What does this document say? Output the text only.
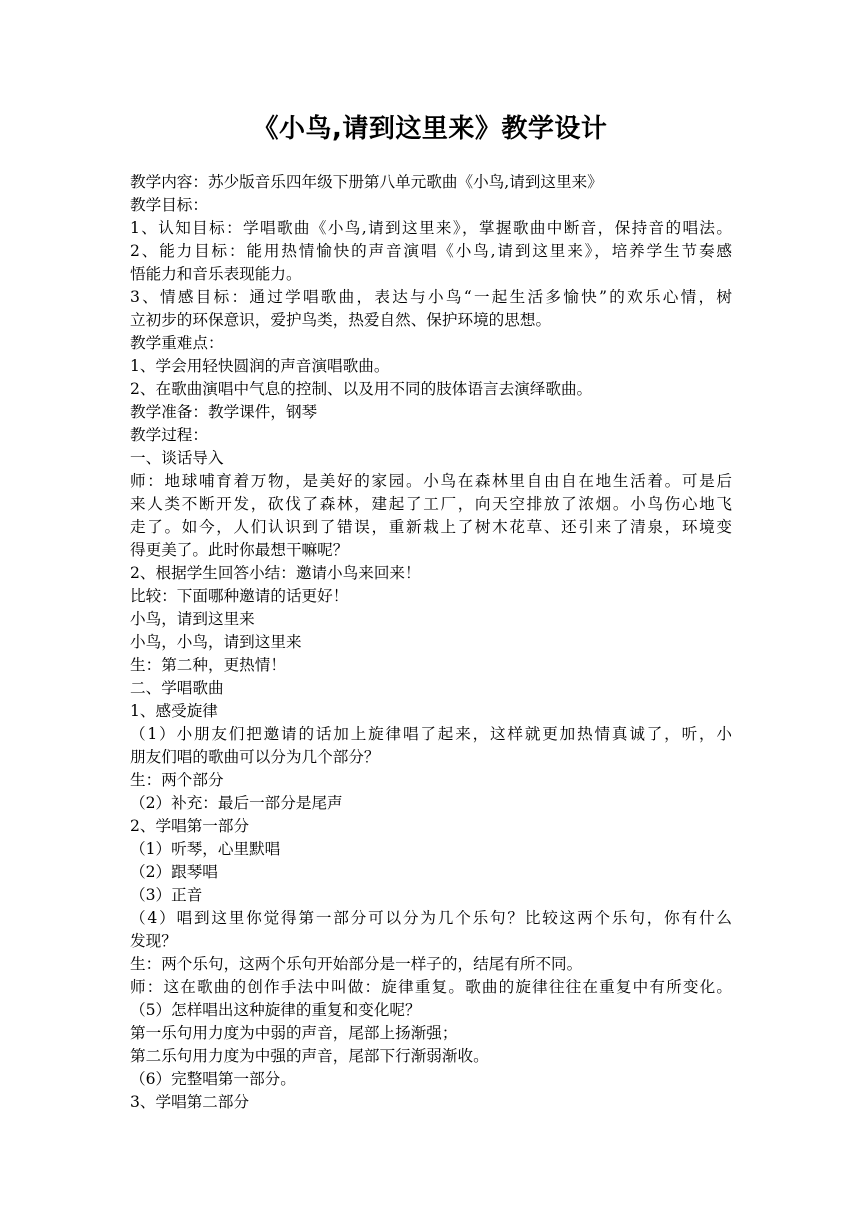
《小鸟,请到这里来》教学设计
教学内容：苏少版音乐四年级下册第八单元歌曲《小鸟,请到这里来》
教学目标：
1、认知目标：学唱歌曲《小鸟,请到这里来》，掌握歌曲中断音，保持音的唱法。
2、能力目标：能用热情愉快的声音演唱《小鸟,请到这里来》，培养学生节奏感
悟能力和音乐表现能力。
3、情感目标：通过学唱歌曲，表达与小鸟“一起生活多愉快”的欢乐心情，树
立初步的环保意识，爱护鸟类，热爱自然、保护环境的思想。
教学重难点：
1、学会用轻快圆润的声音演唱歌曲。
2、在歌曲演唱中气息的控制、以及用不同的肢体语言去演绎歌曲。
教学准备：教学课件，钢琴
教学过程：
一、谈话导入
师：地球哺育着万物，是美好的家园。小鸟在森林里自由自在地生活着。可是后
来人类不断开发，砍伐了森林，建起了工厂，向天空排放了浓烟。小鸟伤心地飞
走了。如今，人们认识到了错误，重新栽上了树木花草、还引来了清泉，环境变
得更美了。此时你最想干嘛呢？
2、根据学生回答小结：邀请小鸟来回来！
比较：下面哪种邀请的话更好！
小鸟，请到这里来
小鸟，小鸟，请到这里来
生：第二种，更热情！
二、学唱歌曲
1、感受旋律
（1）小朋友们把邀请的话加上旋律唱了起来，这样就更加热情真诚了，听，小
朋友们唱的歌曲可以分为几个部分？
生：两个部分
（2）补充：最后一部分是尾声
2、学唱第一部分
（1）听琴，心里默唱
（2）跟琴唱
（3）正音
（4）唱到这里你觉得第一部分可以分为几个乐句？比较这两个乐句，你有什么
发现？
生：两个乐句，这两个乐句开始部分是一样子的，结尾有所不同。
师：这在歌曲的创作手法中叫做：旋律重复。歌曲的旋律往往在重复中有所变化。
（5）怎样唱出这种旋律的重复和变化呢？
第一乐句用力度为中弱的声音，尾部上扬渐强；
第二乐句用力度为中强的声音，尾部下行渐弱渐收。
（6）完整唱第一部分。
3、学唱第二部分
